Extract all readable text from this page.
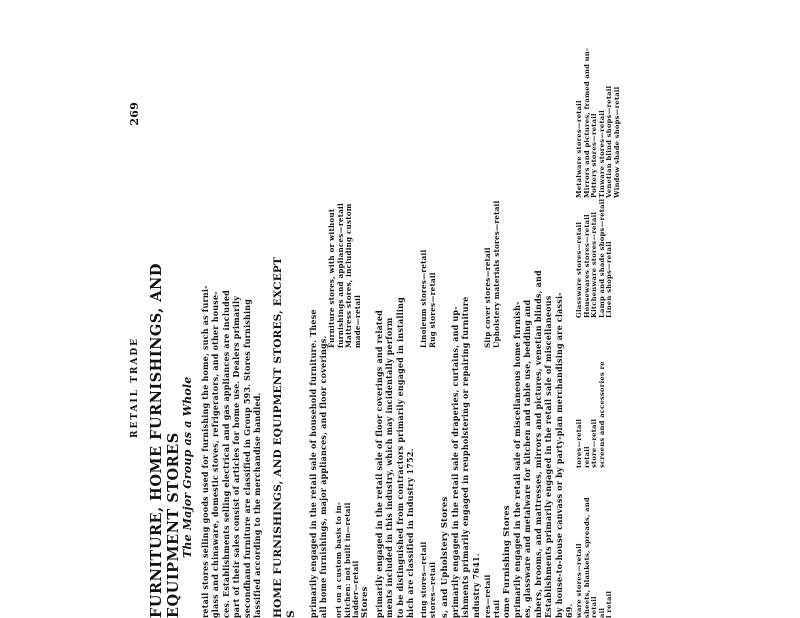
RETAIL TRADE
269
FURNITURE, HOME FURNISHINGS, AND EQUIPMENT STORES The Major Group as a Whole retail stores selling goods used for furnishing the home, such as furni- glass and chinaware, domestic stoves, refrigerators, and other house- ces. Establishments selling electrical and gas appliances are included part of their sales consist of articles for home use. Dealers primarily secondhand furniture are classified in Group 593. Stores furnishing lassified according to the merchandise handled. HOME FURNISHINGS, AND EQUIPMENT STORES, EXCEPT S primarily engaged in the retail sale of household furniture. These all home furnishings, major appliances, and floor coverings. ort on a custom basis to in- kitchen: not built in—retail ladder—retail Stores
Furniture stores, with or without furnishings and appliances—retail Mattress stores, including custom made—retail primarily engaged in the retail sale of floor coverings and related ments included in this industry, which may incidentally perform to be distinguished from contractors primarily engaged in installing hich are classified in Industry 1752. ring stores—retail stores—retail
Linoleum stores—retail Rug stores—retail
s, and Upholstery Stores primarily engaged in the retail sale of draperies, curtains, and up- ishments primarily engaged in reupholstering or repairing furniture ndustry 7641. res—retail rtail
Slip cover stores—retail Upholstery materials stores—retail
ome Furnishing Stores primarily engaged in the retail sale of miscellaneous home furnish- es, glassware and metalware for kitchen and table use, bedding and nbers, brooms, and mattresses, mirrors and pictures, venetian blinds, and Establishments primarily engaged in the retail sale of miscellaneous by house-to-house canvass or by party-plan merchandising are classi- 69. ware stores—retail sheets, blankets, spreads, and retail ail l retail
tores—retail retail store—retail screens and accessories re
Glassware stores—retail Housewares stores—retail Kitchenware stores—retail Lamp and shade shops—retail Linen shops—retail
Metalware stores—retail Mirrors and pictures, framed and un- Pottery stores—retail Tinware stores—retail Venetian blind shops—retail Window shade shops—retail
